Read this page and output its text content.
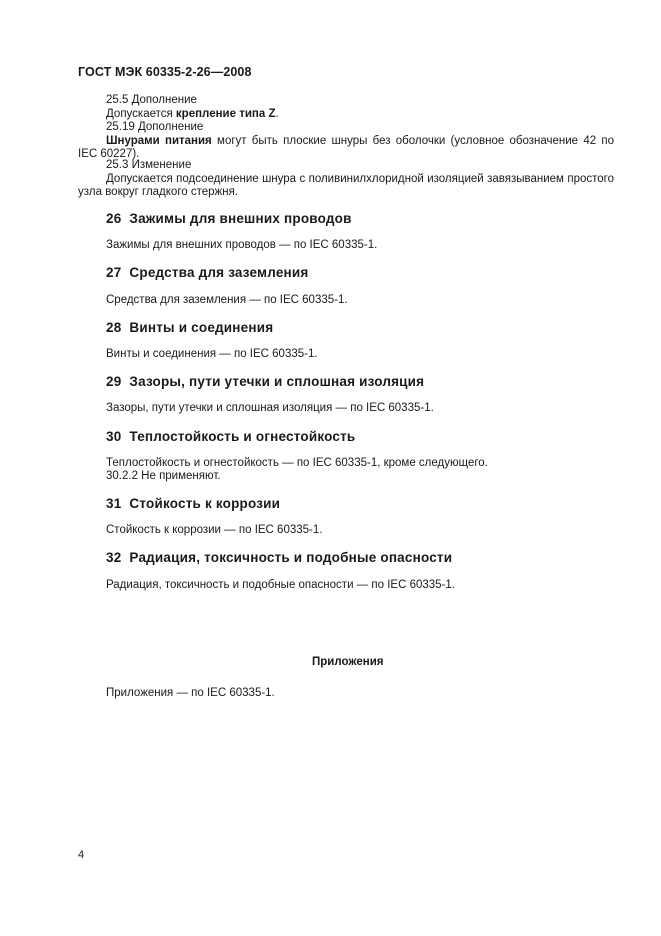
ГОСТ МЭК 60335-2-26—2008
25.5 Дополнение
Допускается крепление типа Z.
25.19 Дополнение
Шнурами питания могут быть плоские шнуры без оболочки (условное обозначение 42 по
IEC 60227).
25.3 Изменение
Допускается подсоединение шнура с поливинилхлоридной изоляцией завязыванием простого
узла вокруг гладкого стержня.
26 Зажимы для внешних проводов
Зажимы для внешних проводов — по IEC 60335-1.
27 Средства для заземления
Средства для заземления — по IEC 60335-1.
28 Винты и соединения
Винты и соединения — по IEC 60335-1.
29 Зазоры, пути утечки и сплошная изоляция
Зазоры, пути утечки и сплошная изоляция — по IEC 60335-1.
30 Теплостойкость и огнестойкость
Теплостойкость и огнестойкость — по IEC 60335-1, кроме следующего.
30.2.2 Не применяют.
31 Стойкость к коррозии
Стойкость к коррозии — по IEC 60335-1.
32 Радиация, токсичность и подобные опасности
Радиация, токсичность и подобные опасности — по IEC 60335-1.
Приложения
Приложения — по IEC 60335-1.
4
